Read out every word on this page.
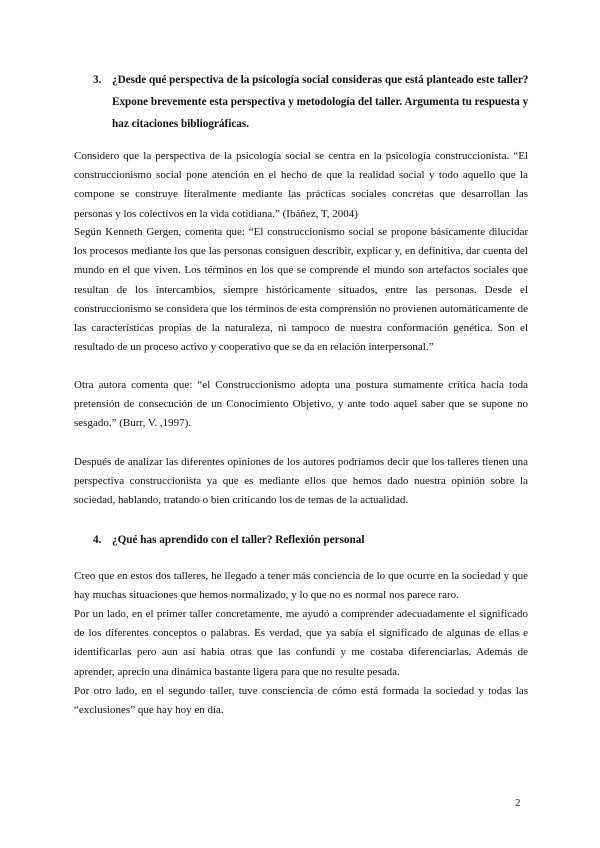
3. ¿Desde qué perspectiva de la psicología social consideras que está planteado este taller? Expone brevemente esta perspectiva y metodología del taller. Argumenta tu respuesta y haz citaciones bibliográficas.
Considero que la perspectiva de la psicología social se centra en la psicología construccionista. “El construccionismo social pone atención en el hecho de que la realidad social y todo aquello que la compone se construye literalmente mediante las prácticas sociales concretas que desarrollan las personas y los colectivos en la vida cotidiana.” (Ibáñez, T, 2004)
Según Kenneth Gergen, comenta que: “El construccionismo social se propone básicamente dilucidar los procesos mediante los que las personas consiguen describir, explicar y, en definitiva, dar cuenta del mundo en el que viven. Los términos en los que se comprende el mundo son artefactos sociales que resultan de los intercambios, siempre históricamente situados, entre las personas. Desde el construccionismo se considera que los términos de esta comprensión no provienen automáticamente de las características propias de la naturaleza, ni tampoco de nuestra conformación genética. Son el resultado de un proceso activo y cooperativo que se da en relación interpersonal.”
Otra autora comenta que: “el Construccionismo adopta una postura sumamente crítica hacia toda pretensión de consecución de un Conocimiento Objetivo, y ante todo aquel saber que se supone no sesgado.” (Burr, V. ,1997).
Después de analizar las diferentes opiniones de los autores podríamos decir que los talleres tienen una perspectiva construccionista ya que es mediante ellos que hemos dado nuestra opinión sobre la sociedad, hablando, tratando o bien criticando los de temas de la actualidad.
4. ¿Qué has aprendido con el taller? Reflexión personal
Creo que en estos dos talleres, he llegado a tener más conciencia de lo que ocurre en la sociedad y que hay muchas situaciones que hemos normalizado, y lo que no es normal nos parece raro.
Por un lado, en el primer taller concretamente, me ayudó a comprender adecuadamente el significado de los diferentes conceptos o palabras. Es verdad, que ya sabía el significado de algunas de ellas e identificarlas pero aun así había otras que las confundí y me costaba diferenciarlas. Además de aprender, aprecio una dinámica bastante ligera para que no resulte pesada.
Por otro lado, en el segundo taller, tuve consciencia de cómo está formada la sociedad y todas las “exclusiones” que hay hoy en día.
2
